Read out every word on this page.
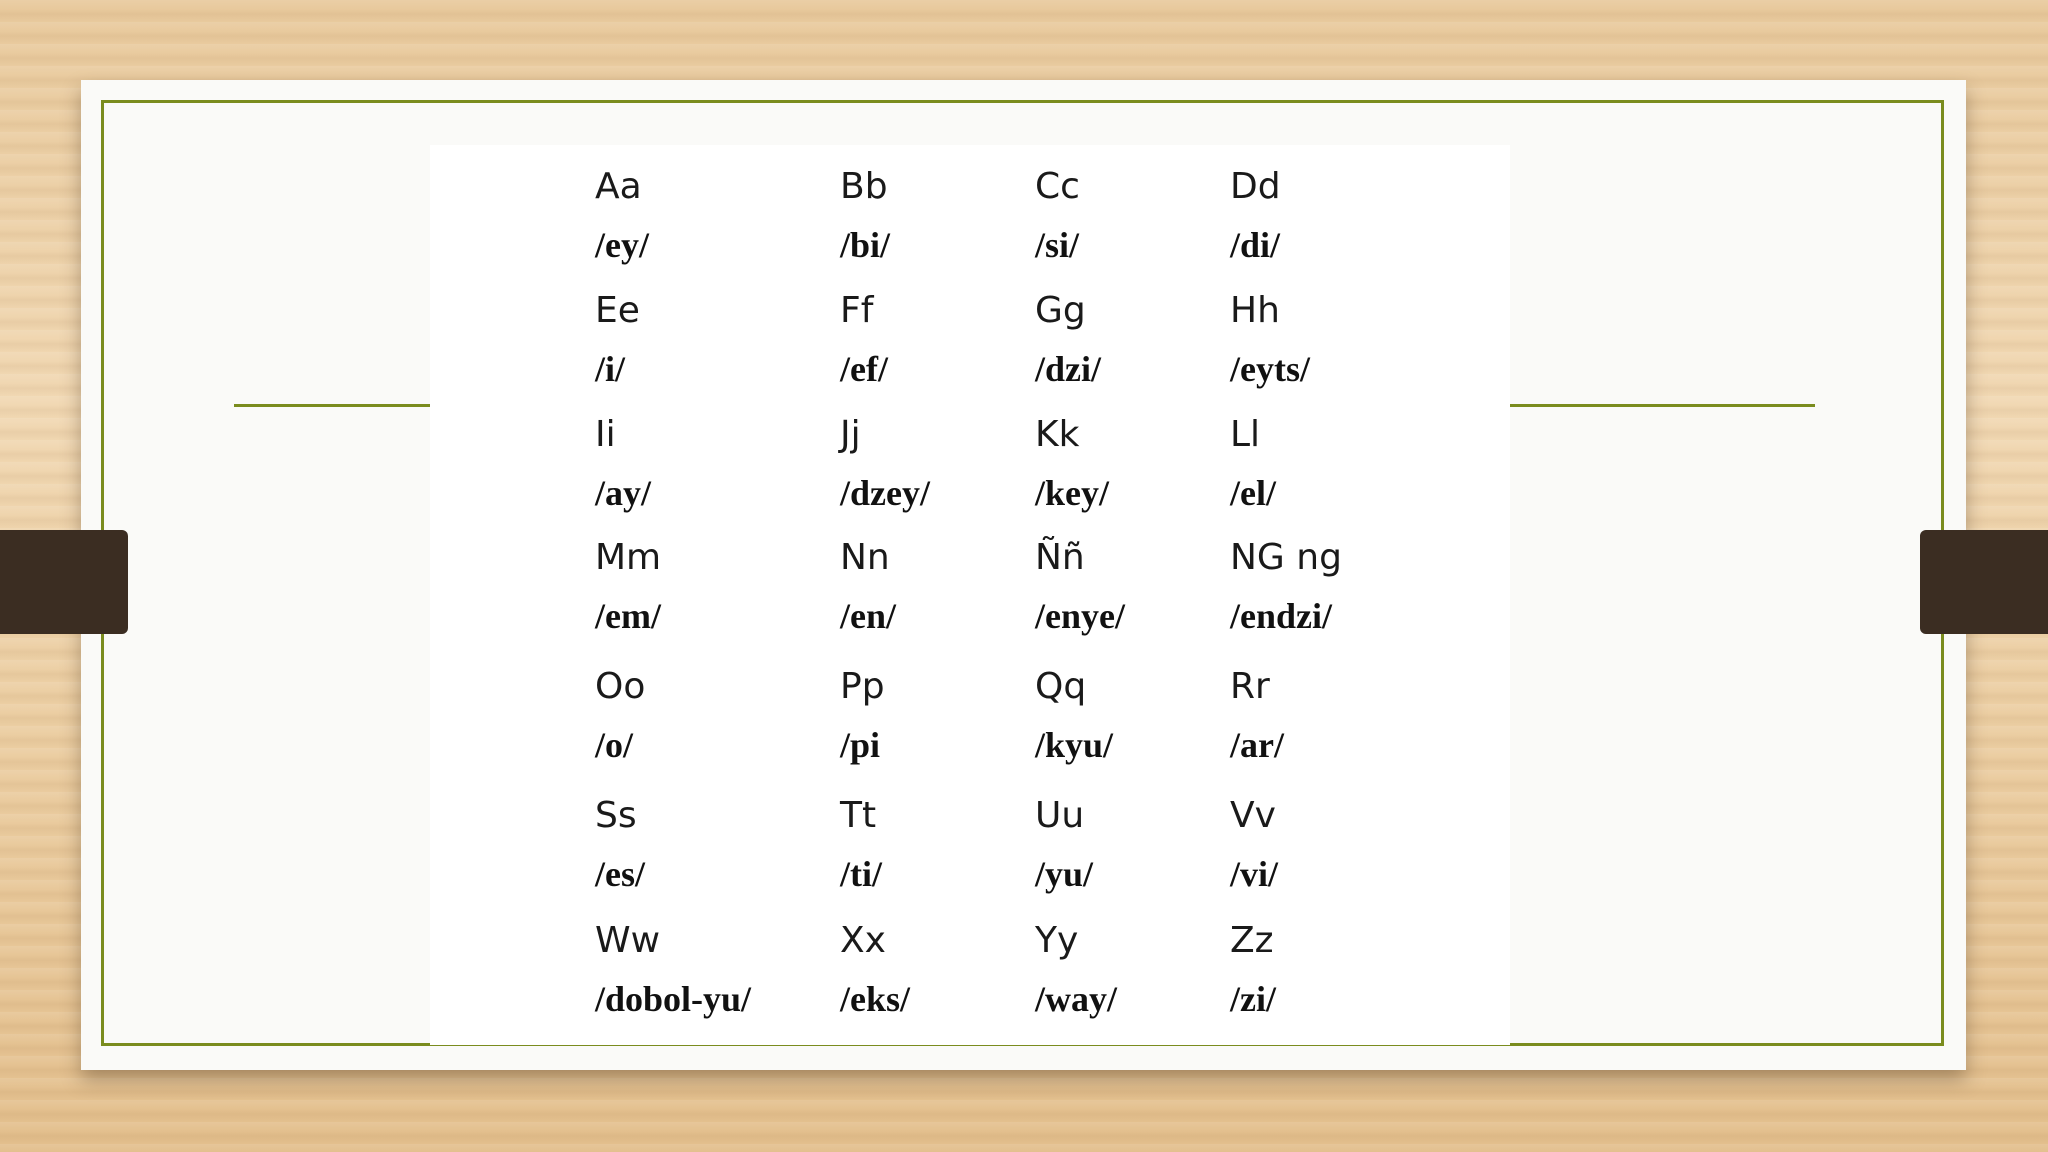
Aa
/ey/
Bb
/bi/
Cc
/si/
Dd
/di/
Ee
/i/
Ff
/ef/
Gg
/dzi/
Hh
/eyts/
Ii
/ay/
Jj
/dzey/
Kk
/key/
Ll
/el/
Mm
/em/
Nn
/en/
Ññ
/enye/
NG ng
/endzi/
Oo
/o/
Pp
/pi
Qq
/kyu/
Rr
/ar/
Ss
/es/
Tt
/ti/
Uu
/yu/
Vv
/vi/
Ww
/dobol-yu/
Xx
/eks/
Yy
/way/
Zz
/zi/
